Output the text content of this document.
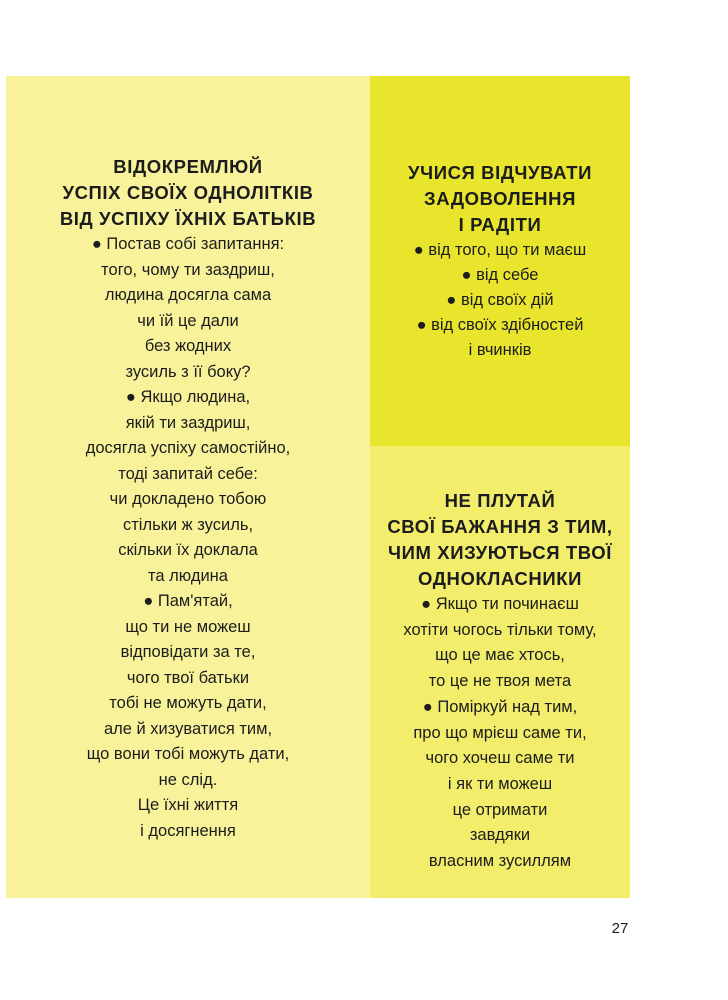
ВІДОКРЕМЛЮЙ
УСПІХ СВОЇХ ОДНОЛІТКІВ
ВІД УСПІХУ ЇХНІХ БАТЬКІВ
● Постав собі запитання:
того, чому ти заздриш,
людина досягла сама
чи їй це дали
без жодних
зусиль з її боку?
● Якщо людина,
якій ти заздриш,
досягла успіху самостійно,
тоді запитай себе:
чи докладено тобою
стільки ж зусиль,
скільки їх доклала
та людина
● Пам'ятай,
що ти не можеш
відповідати за те,
чого твої батьки
тобі не можуть дати,
але й хизуватися тим,
що вони тобі можуть дати,
не слід.
Це їхні життя
і досягнення
УЧИСЯ ВІДЧУВАТИ
ЗАДОВОЛЕННЯ
І РАДІТИ
● від того, що ти маєш
● від себе
● від своїх дій
● від своїх здібностей
і вчинків
НЕ ПЛУТАЙ
СВОЇ БАЖАННЯ З ТИМ,
ЧИМ ХИЗУЮТЬСЯ ТВОЇ
ОДНОКЛАСНИКИ
● Якщо ти починаєш
хотіти чогось тільки тому,
що це має хтось,
то це не твоя мета
● Поміркуй над тим,
про що мрієш саме ти,
чого хочеш саме ти
і як ти можеш
це отримати
завдяки
власним зусиллям
27
